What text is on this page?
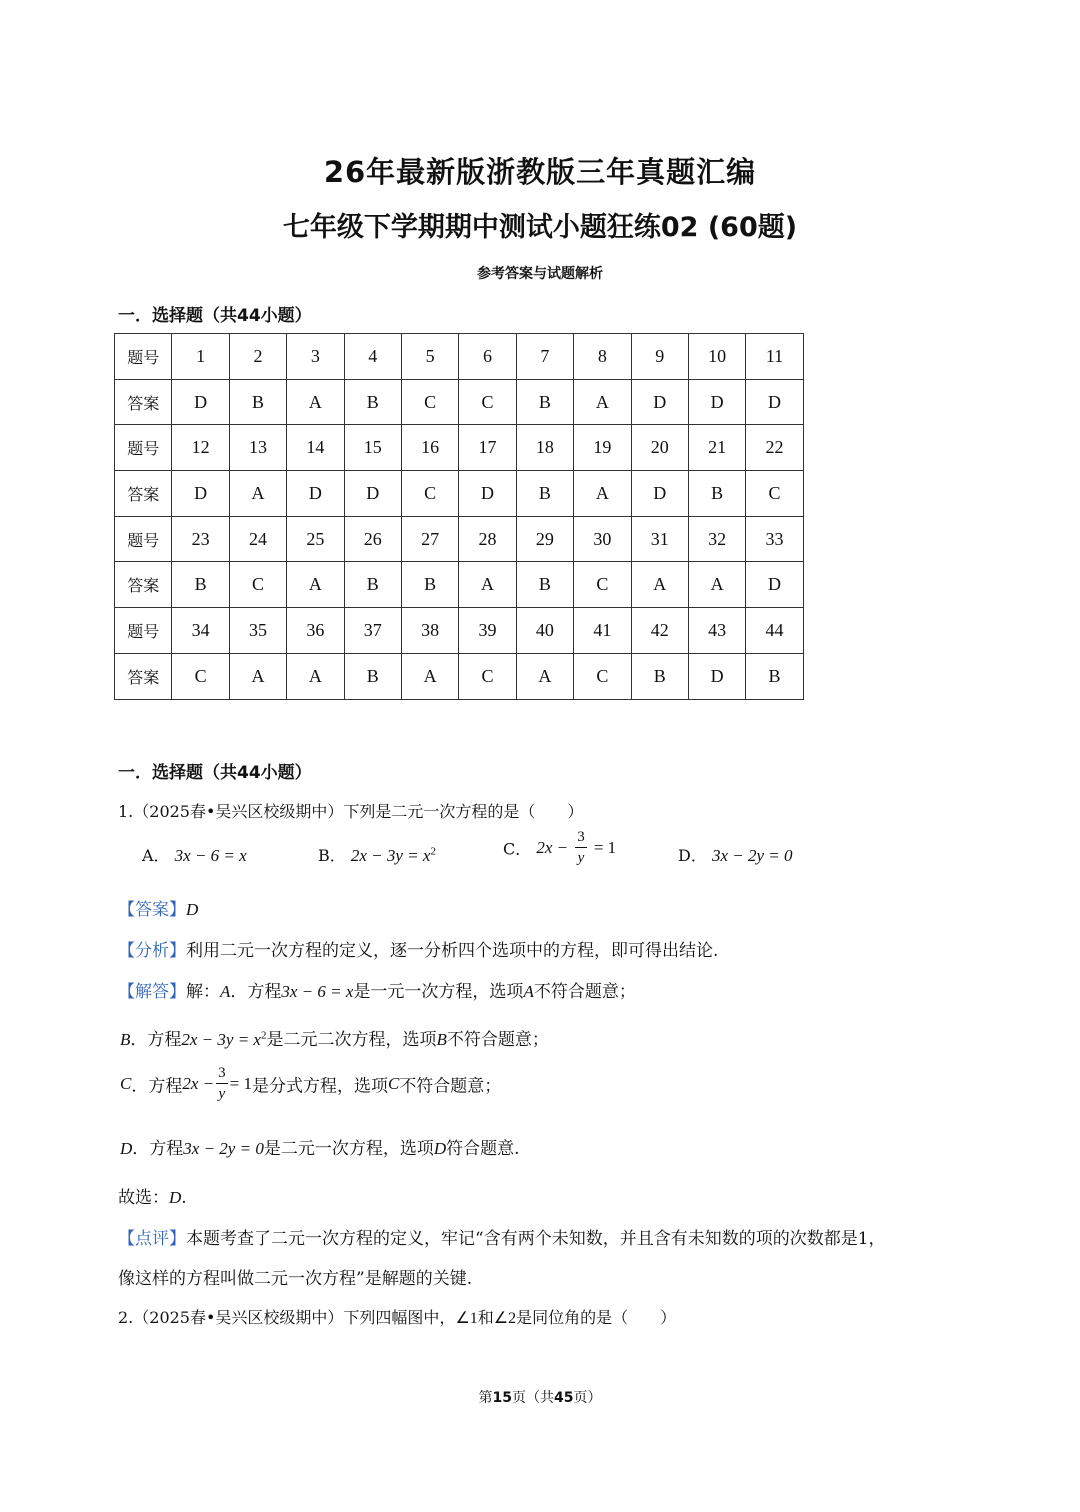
26年最新版浙教版三年真题汇编
七年级下学期期中测试小题狂练02 (60题)
参考答案与试题解析
一．选择题（共44小题）
题号	1	2	3	4	5	6	7	8	9	10	11
答案	D	B	A	B	C	C	B	A	D	D	D
题号	12	13	14	15	16	17	18	19	20	21	22
答案	D	A	D	D	C	D	B	A	D	B	C
题号	23	24	25	26	27	28	29	30	31	32	33
答案	B	C	A	B	B	A	B	C	A	A	D
题号	34	35	36	37	38	39	40	41	42	43	44
答案	C	A	A	B	A	C	A	C	B	D	B
一．选择题（共44小题）
1.（2025春•吴兴区校级期中）下列是二元一次方程的是（　　）
A． 3x − 6 = x	B． $2x - 3y = x^2$	C． $2x - \frac{3}{y} = 1$	D． 3x − 2y = 0
【答案】D
【分析】利用二元一次方程的定义，逐一分析四个选项中的方程，即可得出结论.
【解答】解：A．方程3x − 6 = x是一元一次方程，选项A不符合题意；
B．方程$2x - 3y = x^2$是二元二次方程，选项B不符合题意；
C．方程$2x - \frac{3}{y} = 1$是分式方程，选项C不符合题意；
D．方程3x − 2y = 0是二元一次方程，选项D符合题意.
故选：D.
【点评】本题考查了二元一次方程的定义，牢记“含有两个未知数，并且含有未知数的项的次数都是1，
像这样的方程叫做二元一次方程”是解题的关键.
2.（2025春•吴兴区校级期中）下列四幅图中，∠1和∠2是同位角的是（　　）
第15页（共45页）
